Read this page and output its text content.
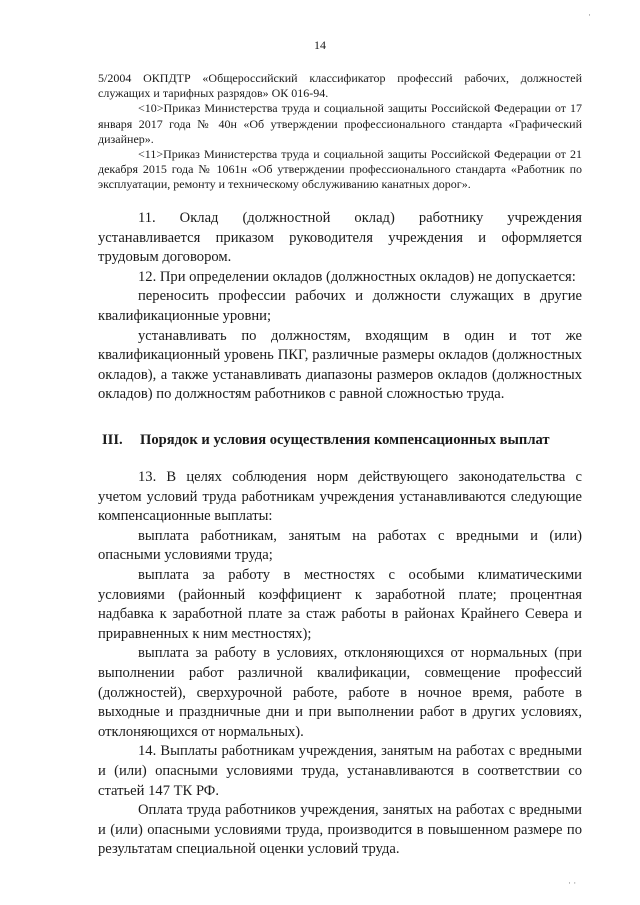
14

5/2004 ОКПДТР «Общероссийский классификатор профессий рабочих, должностей служащих и тарифных разрядов» ОК 016-94.

<10>Приказ Министерства труда и социальной защиты Российской Федерации от 17 января 2017 года № 40н «Об утверждении профессионального стандарта «Графический дизайнер».

<11>Приказ Министерства труда и социальной защиты Российской Федерации от 21 декабря 2015 года № 1061н «Об утверждении профессионального стандарта «Работник по эксплуатации, ремонту и техническому обслуживанию канатных дорог».

11. Оклад (должностной оклад) работнику учреждения устанавливается приказом руководителя учреждения и оформляется трудовым договором.

12. При определении окладов (должностных окладов) не допускается:

переносить профессии рабочих и должности служащих в другие квалификационные уровни;

устанавливать по должностям, входящим в один и тот же квалификационный уровень ПКГ, различные размеры окладов (должностных окладов), а также устанавливать диапазоны размеров окладов (должностных окладов) по должностям работников с равной сложностью труда.

III. Порядок и условия осуществления компенсационных выплат

13. В целях соблюдения норм действующего законодательства с учетом условий труда работникам учреждения устанавливаются следующие компенсационные выплаты:

выплата работникам, занятым на работах с вредными и (или) опасными условиями труда;

выплата за работу в местностях с особыми климатическими условиями (районный коэффициент к заработной плате; процентная надбавка к заработной плате за стаж работы в районах Крайнего Севера и приравненных к ним местностях);

выплата за работу в условиях, отклоняющихся от нормальных (при выполнении работ различной квалификации, совмещение профессий (должностей), сверхурочной работе, работе в ночное время, работе в выходные и праздничные дни и при выполнении работ в других условиях, отклоняющихся от нормальных).

14. Выплаты работникам учреждения, занятым на работах с вредными и (или) опасными условиями труда, устанавливаются в соответствии со статьей 147 ТК РФ.

Оплата труда работников учреждения, занятых на работах с вредными и (или) опасными условиями труда, производится в повышенном размере по результатам специальной оценки условий труда.

·
· ·
